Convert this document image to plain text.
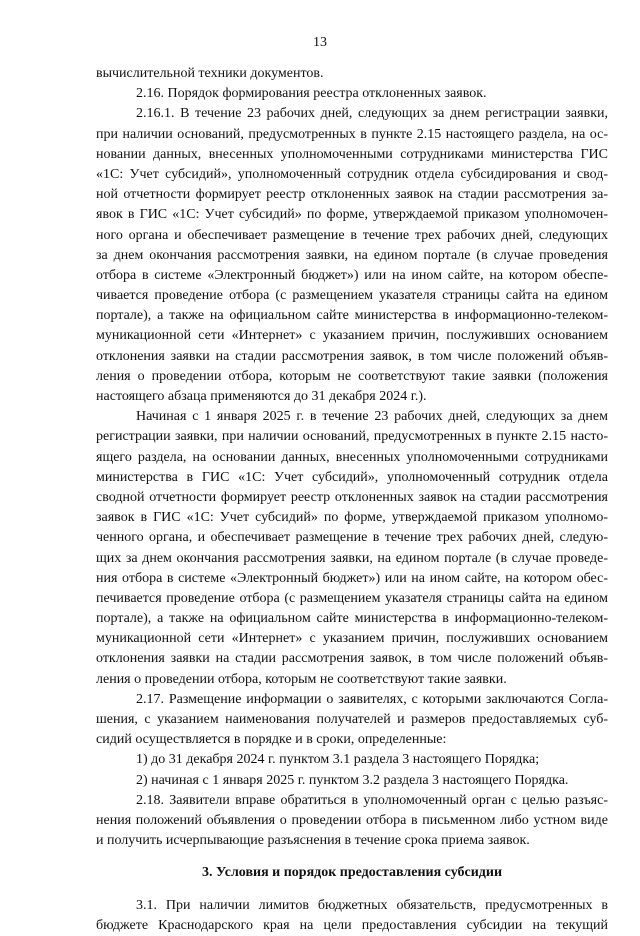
13
вычислительной техники документов.
2.16. Порядок формирования реестра отклоненных заявок.
2.16.1. В течение 23 рабочих дней, следующих за днем регистрации заявки,
при наличии оснований, предусмотренных в пункте 2.15 настоящего раздела, на ос-
новании данных, внесенных уполномоченными сотрудниками министерства ГИС
«1С: Учет субсидий», уполномоченный сотрудник отдела субсидирования и свод-
ной отчетности формирует реестр отклоненных заявок на стадии рассмотрения за-
явок в ГИС «1С: Учет субсидий» по форме, утверждаемой приказом уполномочен-
ного органа и обеспечивает размещение в течение трех рабочих дней, следующих
за днем окончания рассмотрения заявки, на едином портале (в случае проведения
отбора в системе «Электронный бюджет») или на ином сайте, на котором обеспе-
чивается проведение отбора (с размещением указателя страницы сайта на едином
портале), а также на официальном сайте министерства в информационно-телеком-
муникационной сети «Интернет» с указанием причин, послуживших основанием
отклонения заявки на стадии рассмотрения заявок, в том числе положений объяв-
ления о проведении отбора, которым не соответствуют такие заявки (положения
настоящего абзаца применяются до 31 декабря 2024 г.).
Начиная с 1 января 2025 г. в течение 23 рабочих дней, следующих за днем
регистрации заявки, при наличии оснований, предусмотренных в пункте 2.15 насто-
ящего раздела, на основании данных, внесенных уполномоченными сотрудниками
министерства в ГИС «1С: Учет субсидий», уполномоченный сотрудник отдела
сводной отчетности формирует реестр отклоненных заявок на стадии рассмотрения
заявок в ГИС «1С: Учет субсидий» по форме, утверждаемой приказом уполномо-
ченного органа, и обеспечивает размещение в течение трех рабочих дней, следую-
щих за днем окончания рассмотрения заявки, на едином портале (в случае проведе-
ния отбора в системе «Электронный бюджет») или на ином сайте, на котором обес-
печивается проведение отбора (с размещением указателя страницы сайта на едином
портале), а также на официальном сайте министерства в информационно-телеком-
муникационной сети «Интернет» с указанием причин, послуживших основанием
отклонения заявки на стадии рассмотрения заявок, в том числе положений объяв-
ления о проведении отбора, которым не соответствуют такие заявки.
2.17. Размещение информации о заявителях, с которыми заключаются Согла-
шения, с указанием наименования получателей и размеров предоставляемых суб-
сидий осуществляется в порядке и в сроки, определенные:
1) до 31 декабря 2024 г. пунктом 3.1 раздела 3 настоящего Порядка;
2) начиная с 1 января 2025 г. пунктом 3.2 раздела 3 настоящего Порядка.
2.18. Заявители вправе обратиться в уполномоченный орган с целью разъяс-
нения положений объявления о проведении отбора в письменном либо устном виде
и получить исчерпывающие разъяснения в течение срока приема заявок.
3. Условия и порядок предоставления субсидии
3.1. При наличии лимитов бюджетных обязательств, предусмотренных в
бюджете Краснодарского края на цели предоставления субсидии на текущий
